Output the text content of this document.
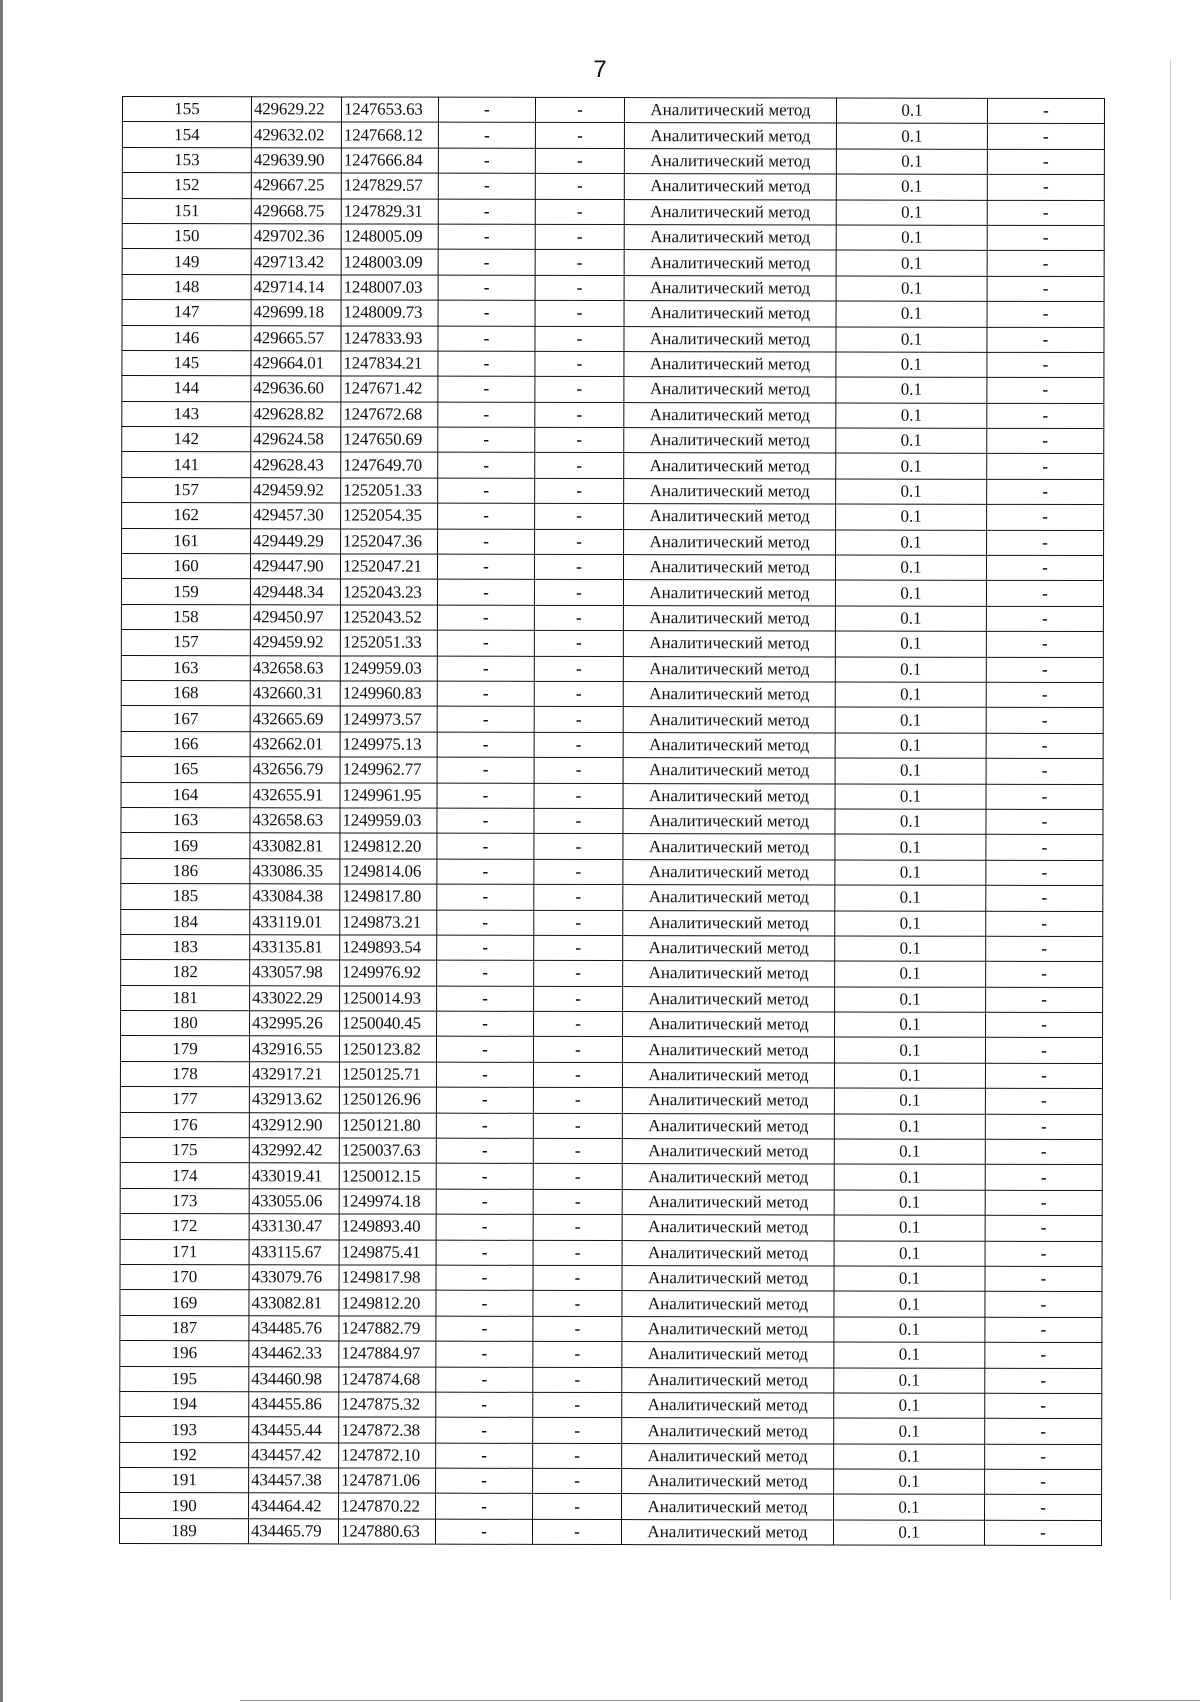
7
155	429629.22	1247653.63	-	-	Аналитический метод	0.1	-
154	429632.02	1247668.12	-	-	Аналитический метод	0.1	-
153	429639.90	1247666.84	-	-	Аналитический метод	0.1	-
152	429667.25	1247829.57	-	-	Аналитический метод	0.1	-
151	429668.75	1247829.31	-	-	Аналитический метод	0.1	-
150	429702.36	1248005.09	-	-	Аналитический метод	0.1	-
149	429713.42	1248003.09	-	-	Аналитический метод	0.1	-
148	429714.14	1248007.03	-	-	Аналитический метод	0.1	-
147	429699.18	1248009.73	-	-	Аналитический метод	0.1	-
146	429665.57	1247833.93	-	-	Аналитический метод	0.1	-
145	429664.01	1247834.21	-	-	Аналитический метод	0.1	-
144	429636.60	1247671.42	-	-	Аналитический метод	0.1	-
143	429628.82	1247672.68	-	-	Аналитический метод	0.1	-
142	429624.58	1247650.69	-	-	Аналитический метод	0.1	-
141	429628.43	1247649.70	-	-	Аналитический метод	0.1	-
157	429459.92	1252051.33	-	-	Аналитический метод	0.1	-
162	429457.30	1252054.35	-	-	Аналитический метод	0.1	-
161	429449.29	1252047.36	-	-	Аналитический метод	0.1	-
160	429447.90	1252047.21	-	-	Аналитический метод	0.1	-
159	429448.34	1252043.23	-	-	Аналитический метод	0.1	-
158	429450.97	1252043.52	-	-	Аналитический метод	0.1	-
157	429459.92	1252051.33	-	-	Аналитический метод	0.1	-
163	432658.63	1249959.03	-	-	Аналитический метод	0.1	-
168	432660.31	1249960.83	-	-	Аналитический метод	0.1	-
167	432665.69	1249973.57	-	-	Аналитический метод	0.1	-
166	432662.01	1249975.13	-	-	Аналитический метод	0.1	-
165	432656.79	1249962.77	-	-	Аналитический метод	0.1	-
164	432655.91	1249961.95	-	-	Аналитический метод	0.1	-
163	432658.63	1249959.03	-	-	Аналитический метод	0.1	-
169	433082.81	1249812.20	-	-	Аналитический метод	0.1	-
186	433086.35	1249814.06	-	-	Аналитический метод	0.1	-
185	433084.38	1249817.80	-	-	Аналитический метод	0.1	-
184	433119.01	1249873.21	-	-	Аналитический метод	0.1	-
183	433135.81	1249893.54	-	-	Аналитический метод	0.1	-
182	433057.98	1249976.92	-	-	Аналитический метод	0.1	-
181	433022.29	1250014.93	-	-	Аналитический метод	0.1	-
180	432995.26	1250040.45	-	-	Аналитический метод	0.1	-
179	432916.55	1250123.82	-	-	Аналитический метод	0.1	-
178	432917.21	1250125.71	-	-	Аналитический метод	0.1	-
177	432913.62	1250126.96	-	-	Аналитический метод	0.1	-
176	432912.90	1250121.80	-	-	Аналитический метод	0.1	-
175	432992.42	1250037.63	-	-	Аналитический метод	0.1	-
174	433019.41	1250012.15	-	-	Аналитический метод	0.1	-
173	433055.06	1249974.18	-	-	Аналитический метод	0.1	-
172	433130.47	1249893.40	-	-	Аналитический метод	0.1	-
171	433115.67	1249875.41	-	-	Аналитический метод	0.1	-
170	433079.76	1249817.98	-	-	Аналитический метод	0.1	-
169	433082.81	1249812.20	-	-	Аналитический метод	0.1	-
187	434485.76	1247882.79	-	-	Аналитический метод	0.1	-
196	434462.33	1247884.97	-	-	Аналитический метод	0.1	-
195	434460.98	1247874.68	-	-	Аналитический метод	0.1	-
194	434455.86	1247875.32	-	-	Аналитический метод	0.1	-
193	434455.44	1247872.38	-	-	Аналитический метод	0.1	-
192	434457.42	1247872.10	-	-	Аналитический метод	0.1	-
191	434457.38	1247871.06	-	-	Аналитический метод	0.1	-
190	434464.42	1247870.22	-	-	Аналитический метод	0.1	-
189	434465.79	1247880.63	-	-	Аналитический метод	0.1	-
